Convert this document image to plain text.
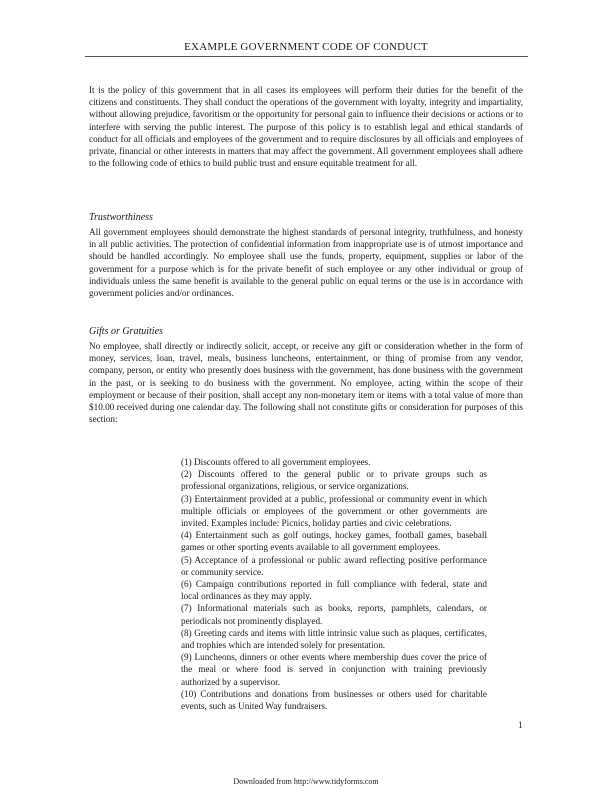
EXAMPLE GOVERNMENT CODE OF CONDUCT

It is the policy of this government that in all cases its employees will perform their duties for the benefit of the citizens and constituents. They shall conduct the operations of the government with loyalty, integrity and impartiality, without allowing prejudice, favoritism or the opportunity for personal gain to influence their decisions or actions or to interfere with serving the public interest. The purpose of this policy is to establish legal and ethical standards of conduct for all officials and employees of the government and to require disclosures by all officials and employees of private, financial or other interests in matters that may affect the government. All government employees shall adhere to the following code of ethics to build public trust and ensure equitable treatment for all.

Trustworthiness

All government employees should demonstrate the highest standards of personal integrity, truthfulness, and honesty in all public activities. The protection of confidential information from inappropriate use is of utmost importance and should be handled accordingly. No employee shall use the funds, property, equipment, supplies or labor of the government for a purpose which is for the private benefit of such employee or any other individual or group of individuals unless the same benefit is available to the general public on equal terms or the use is in accordance with government policies and/or ordinances.

Gifts or Gratuities

No employee, shall directly or indirectly solicit, accept, or receive any gift or consideration whether in the form of money, services, loan, travel, meals, business luncheons, entertainment, or thing of promise from any vendor, company, person, or entity who presently does business with the government, has done business with the government in the past, or is seeking to do business with the government. No employee, acting within the scope of their employment or because of their position, shall accept any non-monetary item or items with a total value of more than $10.00 received during one calendar day. The following shall not constitute gifts or consideration for purposes of this section:

(1) Discounts offered to all government employees.
(2) Discounts offered to the general public or to private groups such as professional organizations, religious, or service organizations.
(3) Entertainment provided at a public, professional or community event in which multiple officials or employees of the government or other governments are invited. Examples include: Picnics, holiday parties and civic celebrations.
(4) Entertainment such as golf outings, hockey games, football games, baseball games or other sporting events available to all government employees.
(5) Acceptance of a professional or public award reflecting positive performance or community service.
(6) Campaign contributions reported in full compliance with federal, state and local ordinances as they may apply.
(7) Informational materials such as books, reports, pamphlets, calendars, or periodicals not prominently displayed.
(8) Greeting cards and items with little intrinsic value such as plaques, certificates, and trophies which are intended solely for presentation.
(9) Luncheons, dinners or other events where membership dues cover the price of the meal or where food is served in conjunction with training previously authorized by a supervisor.
(10) Contributions and donations from businesses or others used for charitable events, such as United Way fundraisers.
1
Downloaded from http://www.tidyforms.com
